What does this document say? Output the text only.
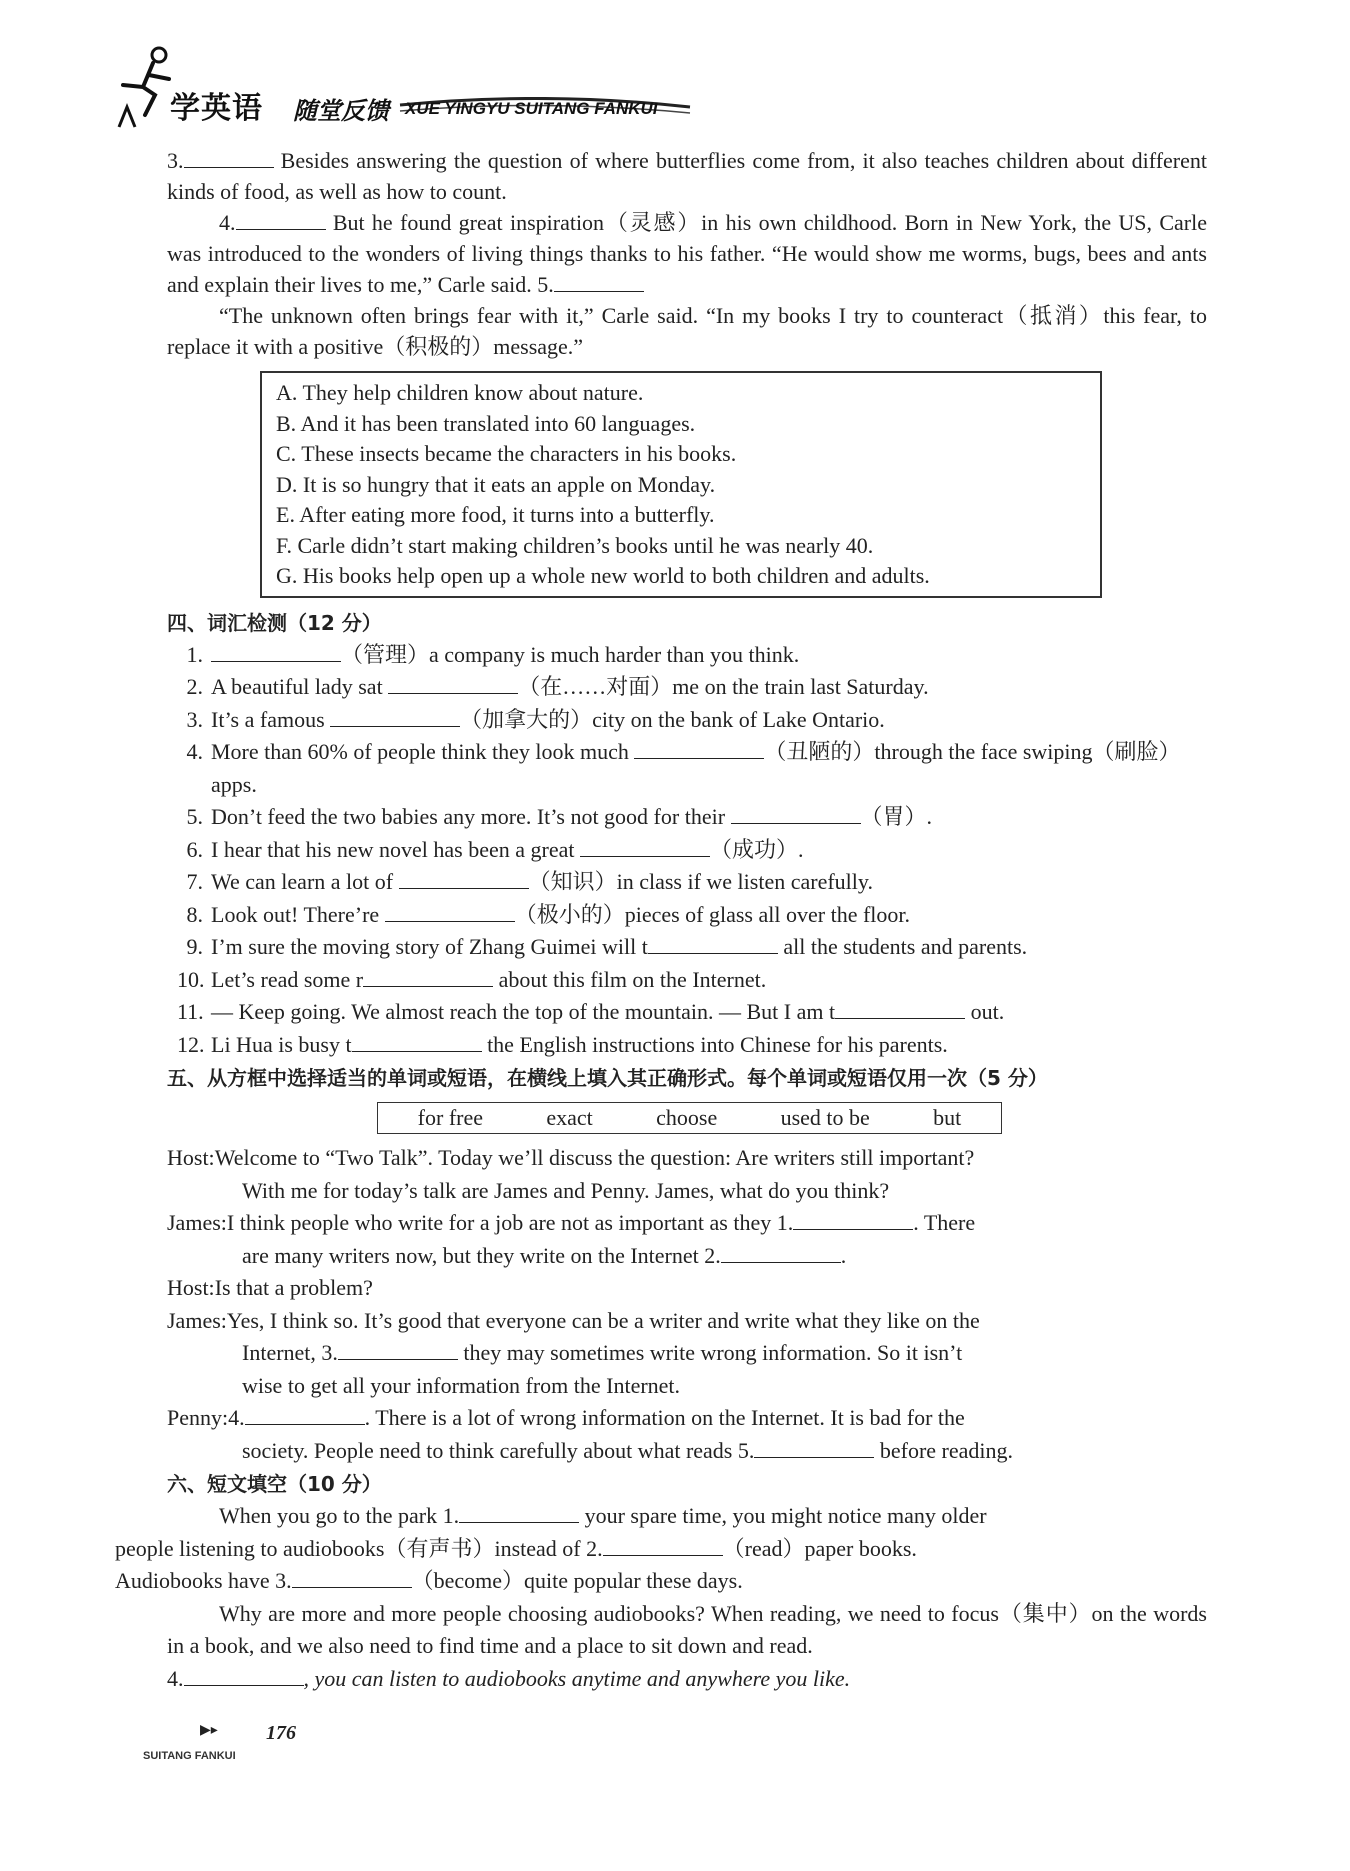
学英语 随堂反馈 XUE YINGYU SUITANG FANKUI

3.	Besides answering the question of where butterflies come from, it also teaches children about different kinds of food, as well as how to count.

4.	But he found great inspiration（灵感）in his own childhood. Born in New York, the US, Carle was introduced to the wonders of living things thanks to his father. “He would show me worms, bugs, bees and ants and explain their lives to me,” Carle said. 5.

“The unknown often brings fear with it,” Carle said. “In my books I try to counteract（抵消）this fear, to replace it with a positive（积极的）message.”

A. They help children know about nature.
B. And it has been translated into 60 languages.
C. These insects became the characters in his books.
D. It is so hungry that it eats an apple on Monday.
E. After eating more food, it turns into a butterfly.
F. Carle didn’t start making children’s books until he was nearly 40.
G. His books help open up a whole new world to both children and adults.
四、词汇检测（12 分）
1.	（管理）a company is much harder than you think.
2. A beautiful lady sat	（在……对面）me on the train last Saturday.
3. It’s a famous	（加拿大的）city on the bank of Lake Ontario.
4. More than 60% of people think they look much	（丑陋的）through the face swiping（刷脸）apps.
5. Don’t feed the two babies any more. It’s not good for their	（胃）.
6. I hear that his new novel has been a great	（成功）.
7. We can learn a lot of	（知识）in class if we listen carefully.
8. Look out! There’re	（极小的）pieces of glass all over the floor.
9. I’m sure the moving story of Zhang Guimei will t	all the students and parents.
10. Let’s read some r	about this film on the Internet.
11. — Keep going. We almost reach the top of the mountain. — But I am t	out.
12. Li Hua is busy t	the English instructions into Chinese for his parents.
五、从方框中选择适当的单词或短语，在横线上填入其正确形式。每个单词或短语仅用一次（5 分）
for free	exact	choose	used to be	but
Host:Welcome to “Two Talk”. Today we’ll discuss the question: Are writers still important?
With me for today’s talk are James and Penny. James, what do you think?
James:I think people who write for a job are not as important as they 1.	. There
are many writers now, but they write on the Internet 2.	.
Host:Is that a problem?
James:Yes, I think so. It’s good that everyone can be a writer and write what they like on the
Internet, 3.	they may sometimes write wrong information. So it isn’t
wise to get all your information from the Internet.
Penny:4.	. There is a lot of wrong information on the Internet. It is bad for the
society. People need to think carefully about what reads 5.	before reading.
六、短文填空（10 分）

When you go to the park 1.	your spare time, you might notice many older
people listening to audiobooks（有声书）instead of 2.	（read）paper books.
Audiobooks have 3.	（become）quite popular these days.

Why are more and more people choosing audiobooks? When reading, we need to focus（集中）on the words in a book, and we also need to find time and a place to sit down and read.

4.	, you can listen to audiobooks anytime and anywhere you like.

▶▸ 176
SUITANG FANKUI
